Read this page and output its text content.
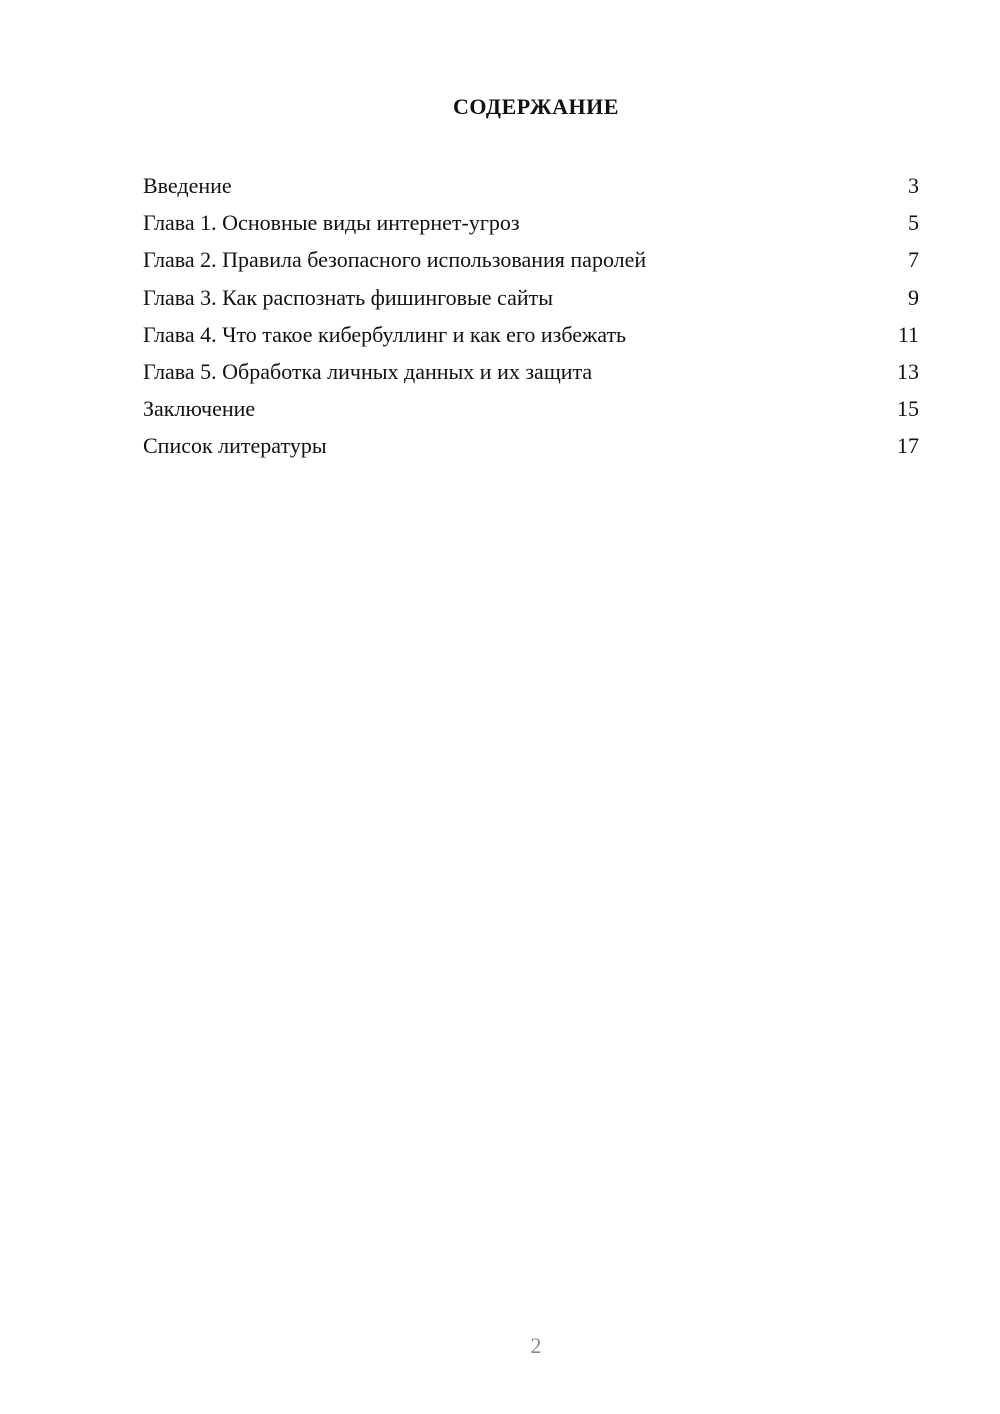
СОДЕРЖАНИЕ
Введение	3
Глава 1. Основные виды интернет-угроз	5
Глава 2. Правила безопасного использования паролей	7
Глава 3. Как распознать фишинговые сайты	9
Глава 4. Что такое кибербуллинг и как его избежать	11
Глава 5. Обработка личных данных и их защита	13
Заключение	15
Список литературы	17
2
